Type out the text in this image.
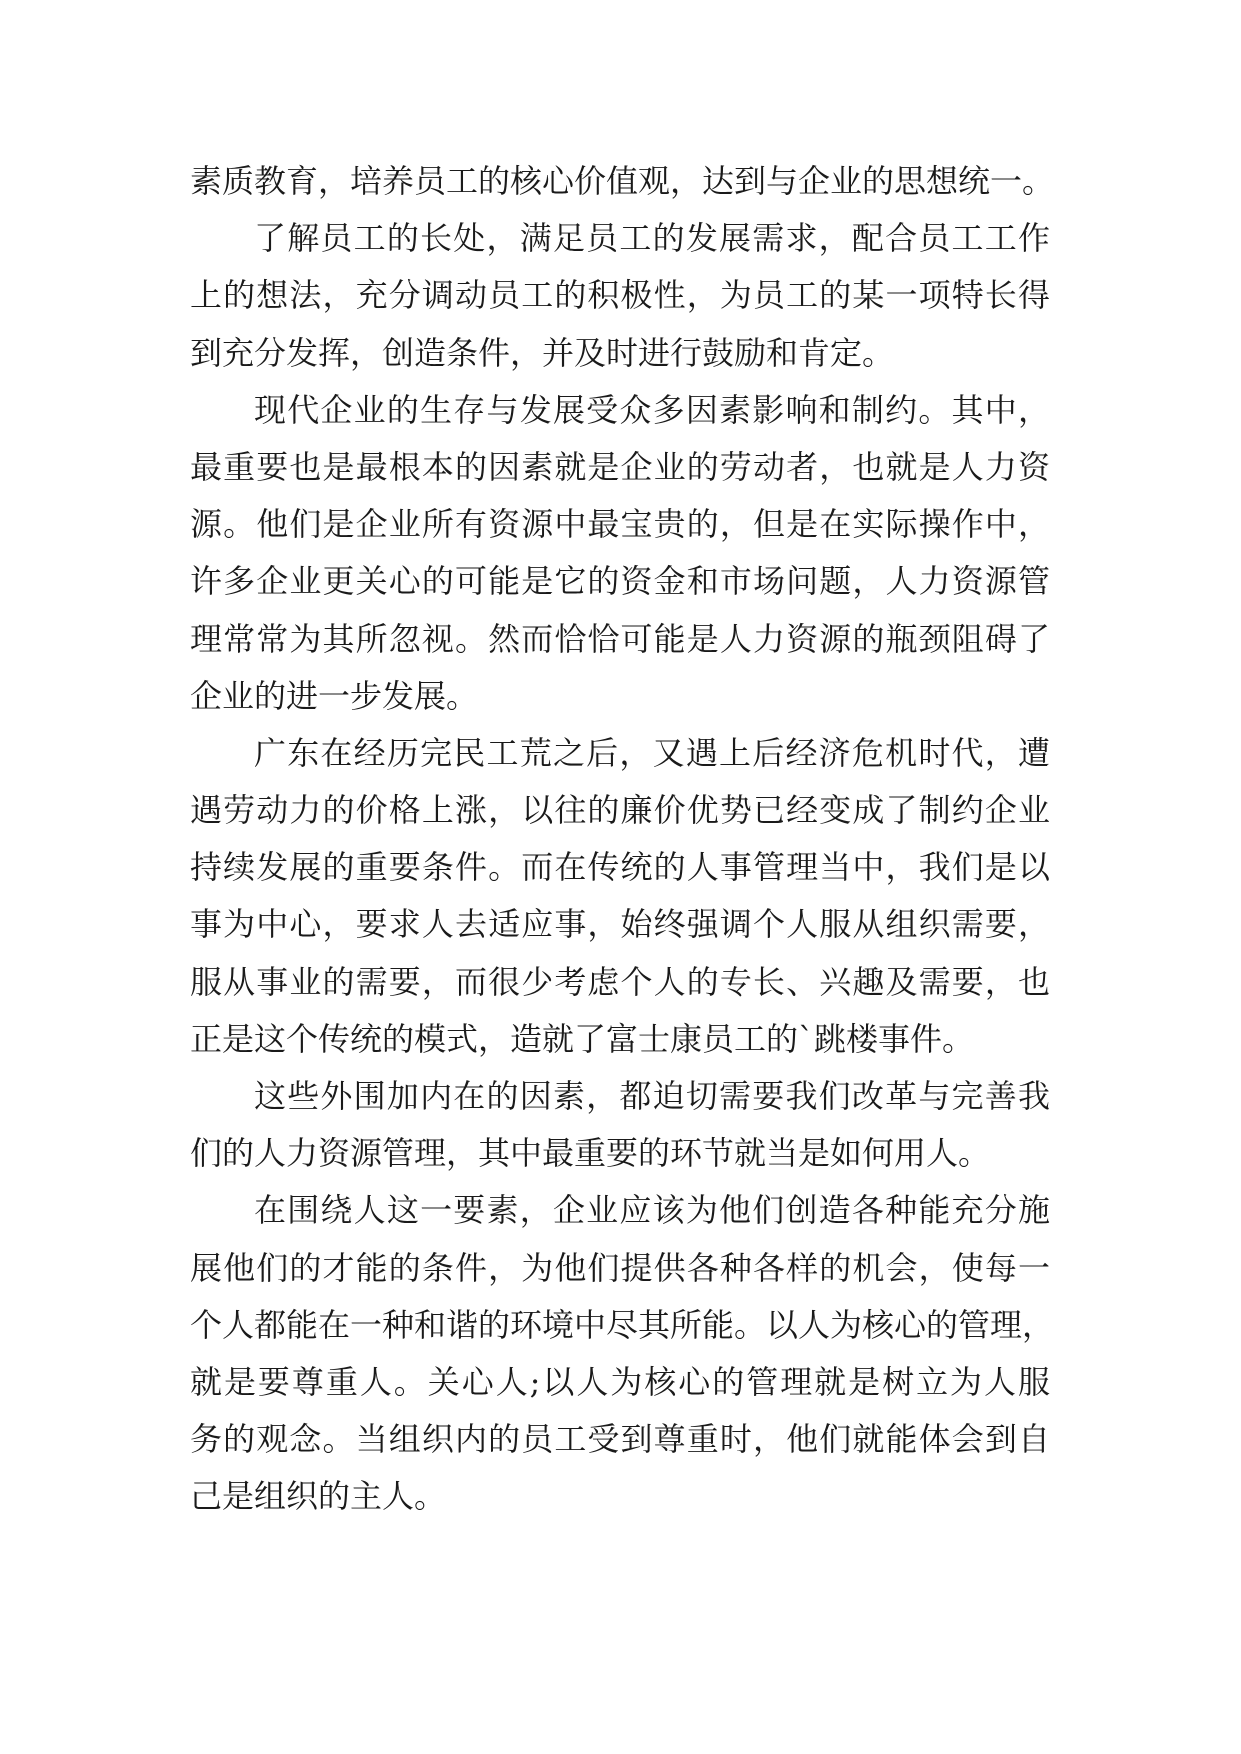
素质教育，培养员工的核心价值观，达到与企业的思想统一。
了解员工的长处，满足员工的发展需求，配合员工工作
上的想法，充分调动员工的积极性，为员工的某一项特长得
到充分发挥，创造条件，并及时进行鼓励和肯定。
现代企业的生存与发展受众多因素影响和制约。其中，
最重要也是最根本的因素就是企业的劳动者，也就是人力资
源。他们是企业所有资源中最宝贵的，但是在实际操作中，
许多企业更关心的可能是它的资金和市场问题，人力资源管
理常常为其所忽视。然而恰恰可能是人力资源的瓶颈阻碍了
企业的进一步发展。
广东在经历完民工荒之后，又遇上后经济危机时代，遭
遇劳动力的价格上涨，以往的廉价优势已经变成了制约企业
持续发展的重要条件。而在传统的人事管理当中，我们是以
事为中心，要求人去适应事，始终强调个人服从组织需要，
服从事业的需要，而很少考虑个人的专长、兴趣及需要，也
正是这个传统的模式，造就了富士康员工的`跳楼事件。
这些外围加内在的因素，都迫切需要我们改革与完善我
们的人力资源管理，其中最重要的环节就当是如何用人。
在围绕人这一要素，企业应该为他们创造各种能充分施
展他们的才能的条件，为他们提供各种各样的机会，使每一
个人都能在一种和谐的环境中尽其所能。以人为核心的管理，
就是要尊重人。关心人;以人为核心的管理就是树立为人服
务的观念。当组织内的员工受到尊重时，他们就能体会到自
己是组织的主人。
